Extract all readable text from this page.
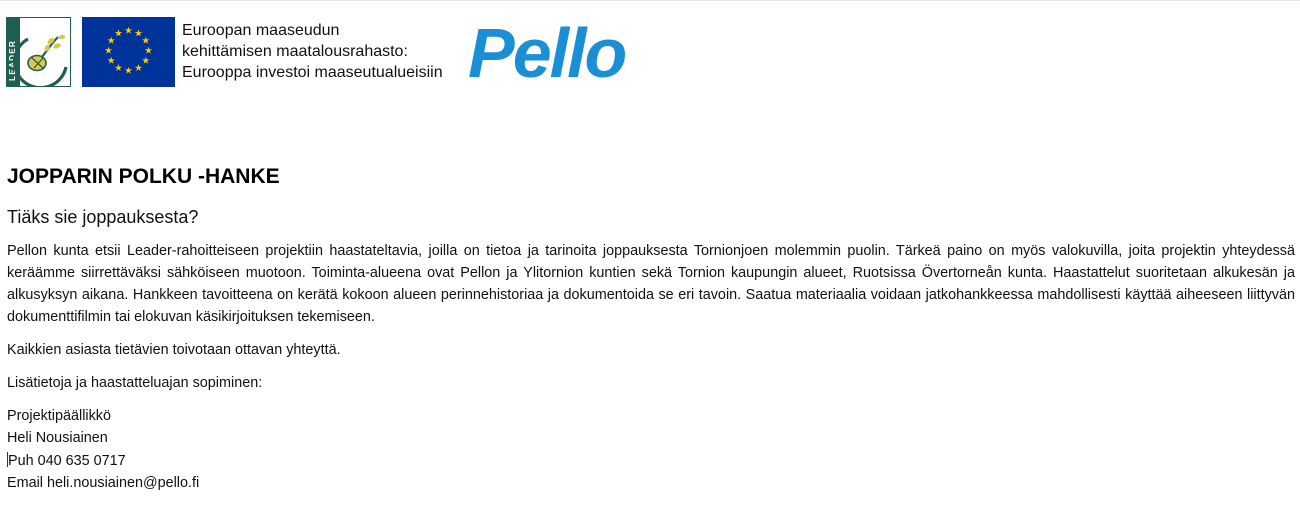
LEADER
Euroopan maaseudun
kehittämisen maatalousrahasto:
Eurooppa investoi maaseutualueisiin Pello
JOPPARIN POLKU -HANKE

Tiäks sie joppauksesta?

Pellon kunta etsii Leader-rahoitteiseen projektiin haastateltavia, joilla on tietoa ja tarinoita joppauksesta Tornionjoen molemmin puolin. Tärkeä paino on myös valokuvilla, joita projektin yhteydessä keräämme siirrettäväksi sähköiseen muotoon. Toiminta-alueena ovat Pellon ja Ylitornion kuntien sekä Tornion kaupungin alueet, Ruotsissa Övertorneån kunta. Haastattelut suoritetaan alkukesän ja alkusyksyn aikana. Hankkeen tavoitteena on kerätä kokoon alueen perinnehistoriaa ja dokumentoida se eri tavoin. Saatua materiaalia voidaan jatkohankkeessa mahdollisesti käyttää aiheeseen liittyvän dokumenttifilmin tai elokuvan käsikirjoituksen tekemiseen.

Kaikkien asiasta tietävien toivotaan ottavan yhteyttä.

Lisätietoja ja haastatteluajan sopiminen:

Projektipäällikkö
Heli Nousiainen
Puh 040 635 0717
Email heli.nousiainen@pello.fi
